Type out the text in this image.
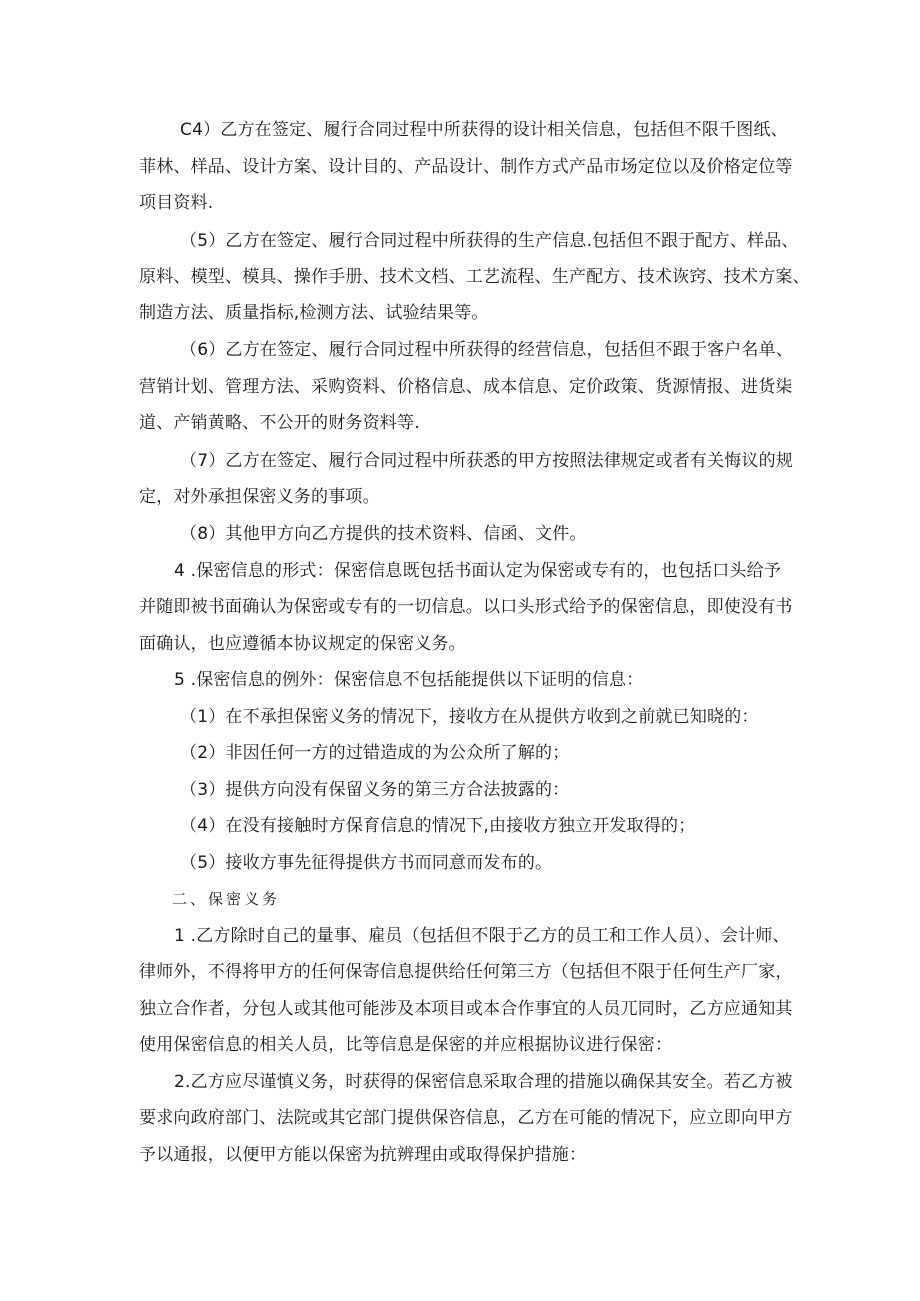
C4）乙方在签定、履行合同过程中所获得的设计相关信息，包括但不限千图纸、
菲林、样品、设计方案、设计目的、产品设计、制作方式产品市场定位以及价格定位等
项目资料.
（5）乙方在签定、履行合同过程中所获得的生产信息.包括但不跟于配方、样品、
原料、模型、模具、操作手册、技术文档、工艺流程、生产配方、技术诙窍、技术方案、
制造方法、质量指标,检测方法、试验结果等。
（6）乙方在签定、履行合同过程中所获得的经营信息，包括但不跟于客户名单、
营销计划、管理方法、采购资料、价格信息、成本信息、定价政策、货源情报、进货柒
道、产销黄略、不公开的财务资料等.
（7）乙方在签定、履行合同过程中所获悉的甲方按照法律规定或者有关悔议的规
定，对外承担保密义务的事项。
（8）其他甲方向乙方提供的技术资料、信函、文件。
4 .保密信息的形式：保密信息既包括书面认定为保密或专有的，也包括口头给予
并随即被书面确认为保密或专有的一切信息。以口头形式给予的保密信息，即使没有书
面确认，也应遵循本协议规定的保密义务。
5 .保密信息的例外：保密信息不包括能提供以下证明的信息：
（1）在不承担保密义务的情况下，接收方在从提供方收到之前就已知晓的：
（2）非因任何一方的过错造成的为公众所了解的；
（3）提供方向没有保留义务的第三方合法披露的：
（4）在没有接触时方保育信息的情况下,由接收方独立开发取得的；
（5）接收方事先征得提供方书而同意而发布的。
二、保密义务
1 .乙方除时自己的量事、雇员（包括但不限于乙方的员工和工作人员）、会计师、
律师外，不得将甲方的任何保寄信息提供给任何第三方（包括但不限于任何生产厂家，
独立合作者，分包人或其他可能涉及本项目或本合作事宜的人员兀同时，乙方应通知其
使用保密信息的相关人员，比等信息是保密的并应根据协议进行保密：
2.乙方应尽谨慎义务，时获得的保密信息采取合理的措施以确保其安全。若乙方被
要求向政府部门、法院或其它部门提供保咨信息，乙方在可能的情况下，应立即向甲方
予以通报，以便甲方能以保密为抗辨理由或取得保护措施：
